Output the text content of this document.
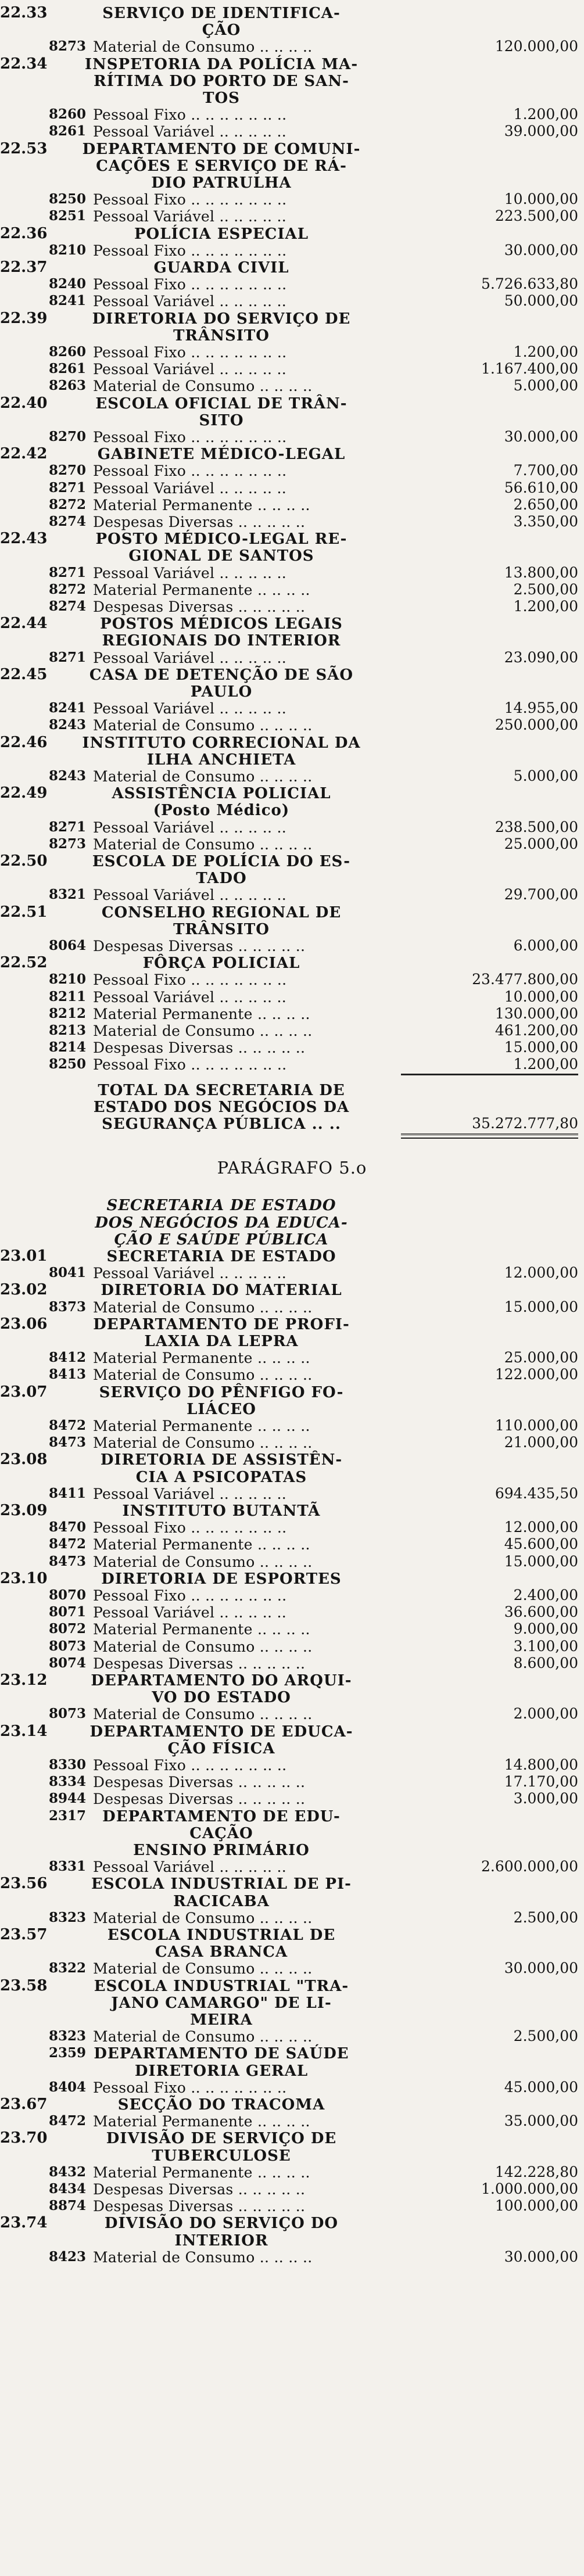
22.33	SERVIÇO DE IDENTIFICA-
ÇÃO
8273 Material de Consumo .. .. .. ..	120.000,00
22.34	INSPETORIA DA POLÍCIA MA-
RÍTIMA DO PORTO DE SAN-
TOS
8260 Pessoal Fixo .. .. .. .. .. .. ..	1.200,00
8261 Pessoal Variável .. .. .. .. ..	39.000,00
22.53	DEPARTAMENTO DE COMUNI-
CAÇÕES E SERVIÇO DE RÁ-
DIO PATRULHA
8250 Pessoal Fixo .. .. .. .. .. .. ..	10.000,00
8251 Pessoal Variável .. .. .. .. ..	223.500,00
22.36	POLÍCIA ESPECIAL
8210 Pessoal Fixo .. .. .. .. .. .. ..	30.000,00
22.37	GUARDA CIVIL
8240 Pessoal Fixo .. .. .. .. .. .. ..	5.726.633,80
8241 Pessoal Variável .. .. .. .. ..	50.000,00
22.39	DIRETORIA DO SERVIÇO DE
TRÂNSITO
8260 Pessoal Fixo .. .. .. .. .. .. ..	1.200,00
8261 Pessoal Variável .. .. .. .. ..	1.167.400,00
8263 Material de Consumo .. .. .. ..	5.000,00
22.40	ESCOLA OFICIAL DE TRÂN-
SITO
8270 Pessoal Fixo .. .. .. .. .. .. ..	30.000,00
22.42	GABINETE MÉDICO-LEGAL
8270 Pessoal Fixo .. .. .. .. .. .. ..	7.700,00
8271 Pessoal Variável .. .. .. .. ..	56.610,00
8272 Material Permanente .. .. .. ..	2.650,00
8274 Despesas Diversas .. .. .. .. ..	3.350,00
22.43	POSTO MÉDICO-LEGAL RE-
GIONAL DE SANTOS
8271 Pessoal Variável .. .. .. .. ..	13.800,00
8272 Material Permanente .. .. .. ..	2.500,00
8274 Despesas Diversas .. .. .. .. ..	1.200,00
22.44	POSTOS MÉDICOS LEGAIS
REGIONAIS DO INTERIOR
8271 Pessoal Variável .. .. .. .. ..	23.090,00
22.45	CASA DE DETENÇÃO DE SÃO
PAULO
8241 Pessoal Variável .. .. .. .. ..	14.955,00
8243 Material de Consumo .. .. .. ..	250.000,00
22.46	INSTITUTO CORRECIONAL DA
ILHA ANCHIETA
8243 Material de Consumo .. .. .. ..	5.000,00
22.49	ASSISTÊNCIA POLICIAL
(Posto Médico)
8271 Pessoal Variável .. .. .. .. ..	238.500,00
8273 Material de Consumo .. .. .. ..	25.000,00
22.50	ESCOLA DE POLÍCIA DO ES-
TADO
8321 Pessoal Variável .. .. .. .. ..	29.700,00
22.51	CONSELHO REGIONAL DE
TRÂNSITO
8064 Despesas Diversas .. .. .. .. ..	6.000,00
22.52	FÔRÇA POLICIAL
8210 Pessoal Fixo .. .. .. .. .. .. ..	23.477.800,00
8211 Pessoal Variável .. .. .. .. ..	10.000,00
8212 Material Permanente .. .. .. ..	130.000,00
8213 Material de Consumo .. .. .. ..	461.200,00
8214 Despesas Diversas .. .. .. .. ..	15.000,00
8250 Pessoal Fixo .. .. .. .. .. .. ..	1.200,00
TOTAL DA SECRETARIA DE
ESTADO DOS NEGÓCIOS DA
SEGURANÇA PÚBLICA .. ..	35.272.777,80
PARÁGRAFO 5.o
SECRETARIA DE ESTADO
DOS NEGÓCIOS DA EDUCA-
ÇÃO E SAÚDE PÚBLICA
23.01	SECRETARIA DE ESTADO
8041 Pessoal Variável .. .. .. .. ..	12.000,00
23.02	DIRETORIA DO MATERIAL
8373 Material de Consumo .. .. .. ..	15.000,00
23.06	DEPARTAMENTO DE PROFI-
LAXIA DA LEPRA
8412 Material Permanente .. .. .. ..	25.000,00
8413 Material de Consumo .. .. .. ..	122.000,00
23.07	SERVIÇO DO PÊNFIGO FO-
LIÁCEO
8472 Material Permanente .. .. .. ..	110.000,00
8473 Material de Consumo .. .. .. ..	21.000,00
23.08	DIRETORIA DE ASSISTÊN-
CIA A PSICOPATAS
8411 Pessoal Variável .. .. .. .. ..	694.435,50
23.09	INSTITUTO BUTANTÃ
8470 Pessoal Fixo .. .. .. .. .. .. ..	12.000,00
8472 Material Permanente .. .. .. ..	45.600,00
8473 Material de Consumo .. .. .. ..	15.000,00
23.10	DIRETORIA DE ESPORTES
8070 Pessoal Fixo .. .. .. .. .. .. ..	2.400,00
8071 Pessoal Variável .. .. .. .. ..	36.600,00
8072 Material Permanente .. .. .. ..	9.000,00
8073 Material de Consumo .. .. .. ..	3.100,00
8074 Despesas Diversas .. .. .. .. ..	8.600,00
23.12	DEPARTAMENTO DO ARQUI-
VO DO ESTADO
8073 Material de Consumo .. .. .. ..	2.000,00
23.14	DEPARTAMENTO DE EDUCA-
ÇÃO FÍSICA
8330 Pessoal Fixo .. .. .. .. .. .. ..	14.800,00
8334 Despesas Diversas .. .. .. .. ..	17.170,00
8944 Despesas Diversas .. .. .. .. ..	3.000,00
2317	DEPARTAMENTO DE EDU-
CAÇÃO
ENSINO PRIMÁRIO
8331 Pessoal Variável .. .. .. .. ..	2.600.000,00
23.56	ESCOLA INDUSTRIAL DE PI-
RACICABA
8323 Material de Consumo .. .. .. ..	2.500,00
23.57	ESCOLA INDUSTRIAL DE
CASA BRANCA
8322 Material de Consumo .. .. .. ..	30.000,00
23.58	ESCOLA INDUSTRIAL "TRA-
JANO CAMARGO" DE LI-
MEIRA
8323 Material de Consumo .. .. .. ..	2.500,00
2359 DEPARTAMENTO DE SAÚDE
DIRETORIA GERAL
8404 Pessoal Fixo .. .. .. .. .. .. ..	45.000,00
23.67	SECÇÃO DO TRACOMA
8472 Material Permanente .. .. .. ..	35.000,00
23.70	DIVISÃO DE SERVIÇO DE
TUBERCULOSE
8432 Material Permanente .. .. .. ..	142.228,80
8434 Despesas Diversas .. .. .. .. ..	1.000.000,00
8874 Despesas Diversas .. .. .. .. ..	100.000,00
23.74	DIVISÃO DO SERVIÇO DO
INTERIOR
8423 Material de Consumo .. .. .. ..	30.000,00
